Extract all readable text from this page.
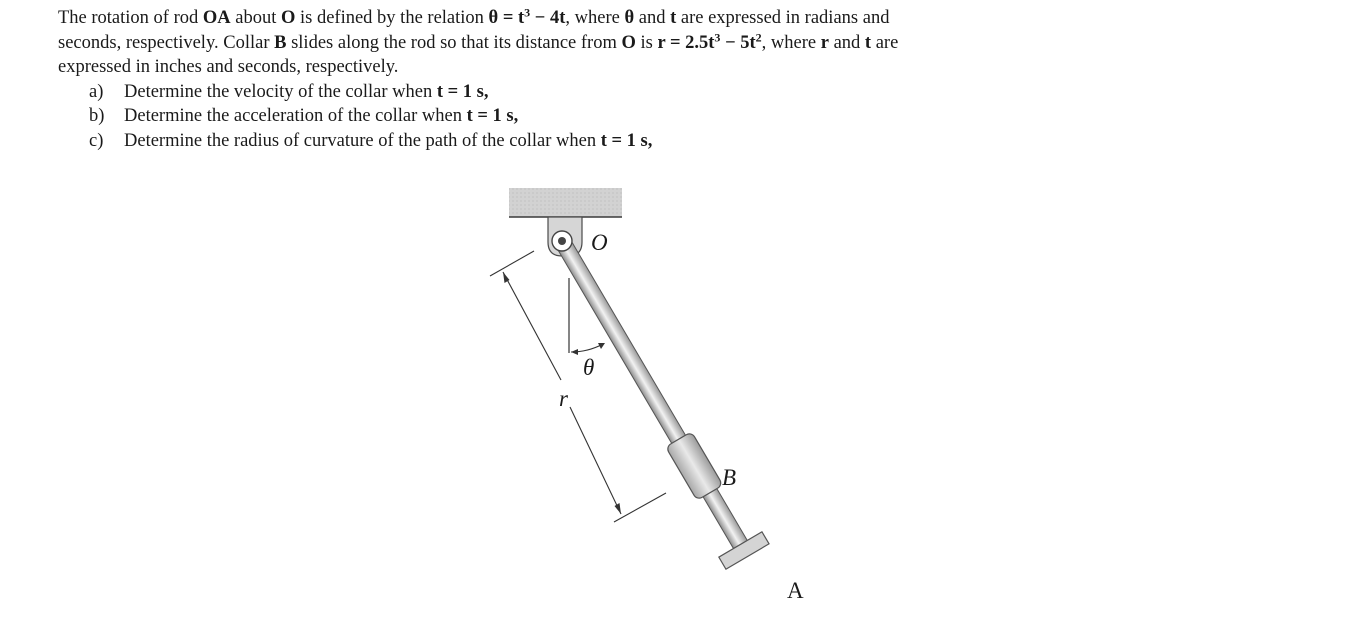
The rotation of rod OA about O is defined by the relation $\theta = t^3 - 4t$, where θ and t are expressed in radians and seconds, respectively. Collar B slides along the rod so that its distance from O is $r = 2.5t^3 - 5t^2$, where r and t are expressed in inches and seconds, respectively.

a)	Determine the velocity of the collar when t = 1 s,
b)	Determine the acceleration of the collar when t = 1 s,
c)	Determine the radius of curvature of the path of the collar when t = 1 s,
O
θ
r
B
A
